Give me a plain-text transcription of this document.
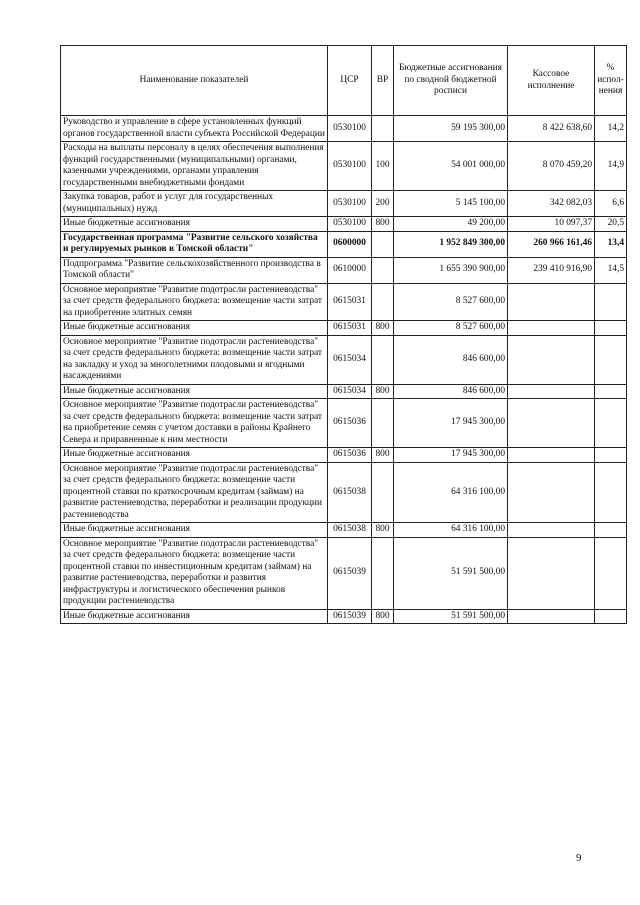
Наименование показателей	ЦСР	ВР	Бюджетные ассигнования по сводной бюджетной росписи	Кассовое исполнение	% испол-нения
Руководство и управление в сфере установленных функций органов государственной власти субъекта Российской Федерации	0530100		59 195 300,00	8 422 638,60	14,2
Расходы на выплаты персоналу в целях обеспечения выполнения функций государственными (муниципальными) органами, казенными учреждениями, органами управления государственными внебюджетными фондами	0530100	100	54 001 000,00	8 070 459,20	14,9
Закупка товаров, работ и услуг для государственных (муниципальных) нужд	0530100	200	5 145 100,00	342 082,03	6,6
Иные бюджетные ассигнования	0530100	800	49 200,00	10 097,37	20,5
Государственная программа "Развитие сельского хозяйства и регулируемых рынков в Томской области"	0600000		1 952 849 300,00	260 966 161,46	13,4
Подпрограмма "Развитие сельскохозяйственного производства в Томской области"	0610000		1 655 390 900,00	239 410 916,90	14,5
Основное мероприятие "Развитие подотрасли растениеводства" за счет средств федерального бюджета: возмещение части затрат на приобретение элитных семян	0615031		8 527 600,00		
Иные бюджетные ассигнования	0615031	800	8 527 600,00		
Основное мероприятие "Развитие подотрасли растениеводства" за счет средств федерального бюджета: возмещение части затрат на закладку и уход за многолетними плодовыми и ягодными насаждениями	0615034		846 600,00		
Иные бюджетные ассигнования	0615034	800	846 600,00		
Основное мероприятие "Развитие подотрасли растениеводства" за счет средств федерального бюджета: возмещение части затрат на приобретение семян с учетом доставки в районы Крайнего Севера и приравненные к ним местности	0615036		17 945 300,00		
Иные бюджетные ассигнования	0615036	800	17 945 300,00		
Основное мероприятие "Развитие подотрасли растениеводства" за счет средств федерального бюджета: возмещение части процентной ставки по краткосрочным кредитам (займам) на развитие растениеводства, переработки и реализации продукции растениеводства	0615038		64 316 100,00		
Иные бюджетные ассигнования	0615038	800	64 316 100,00		
Основное мероприятие "Развитие подотрасли растениеводства" за счет средств федерального бюджета: возмещение части процентной ставки по инвестиционным кредитам (займам) на развитие растениеводства, переработки и развития инфраструктуры и логистического обеспечения рынков продукции растениеводства	0615039		51 591 500,00		
Иные бюджетные ассигнования	0615039	800	51 591 500,00		
9
